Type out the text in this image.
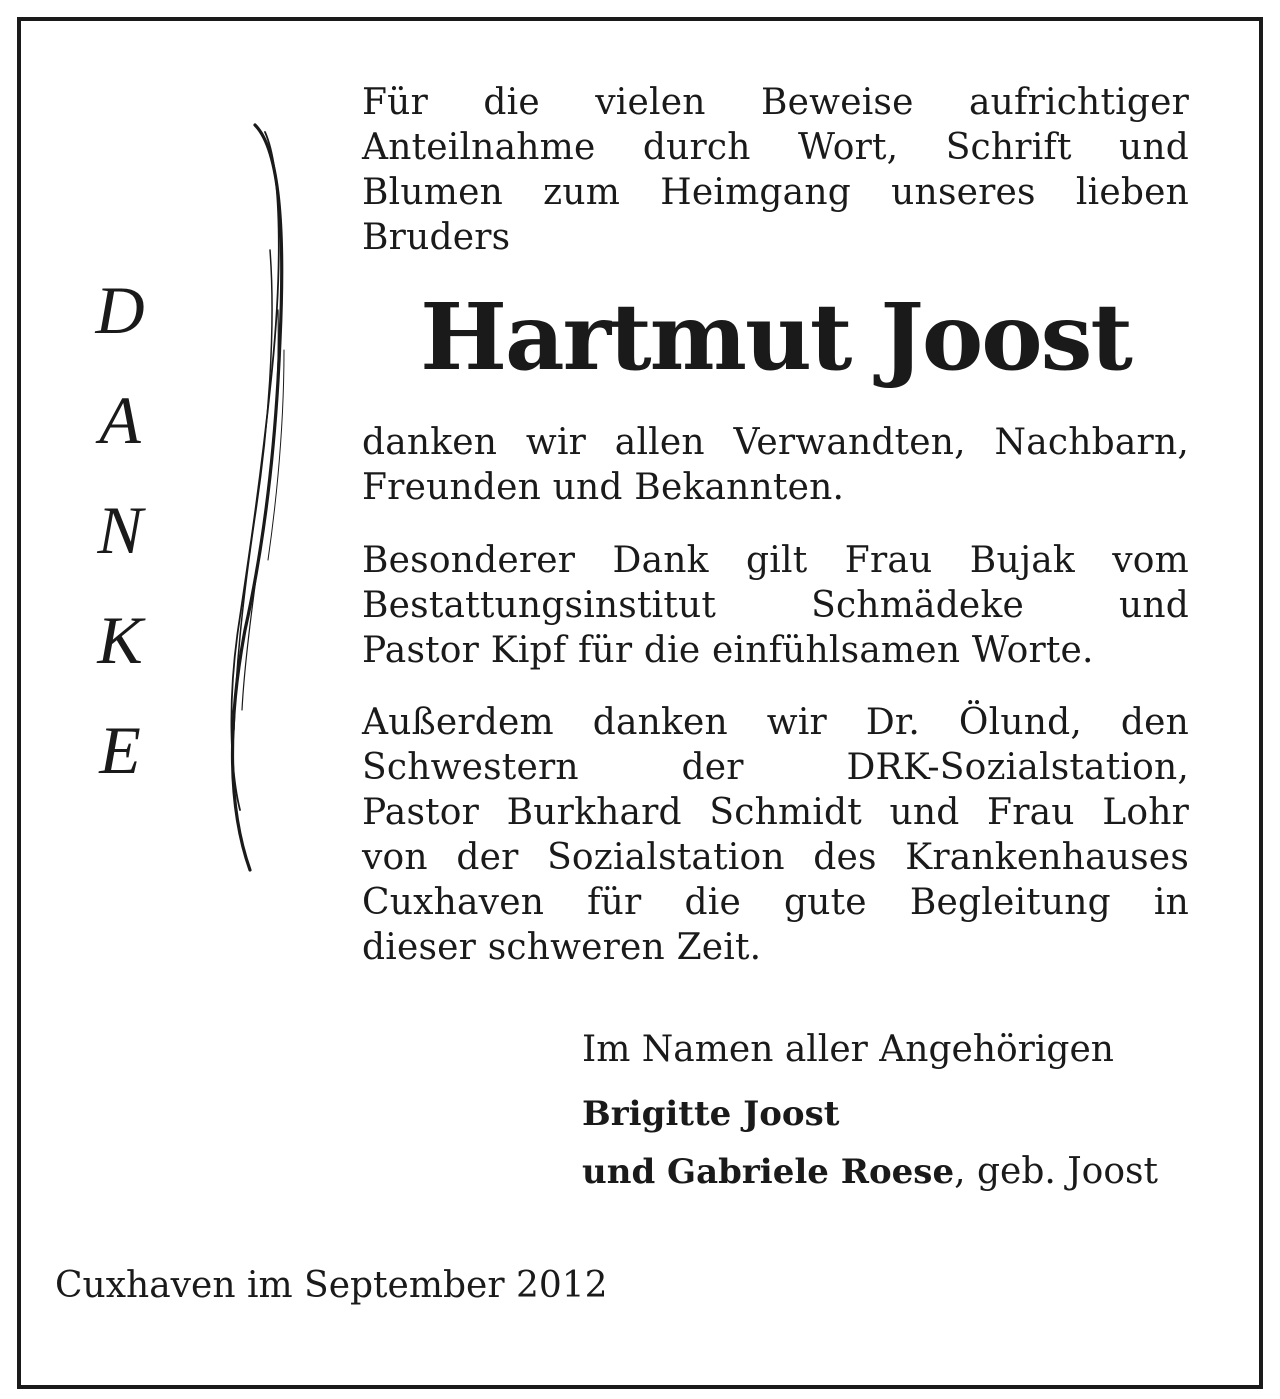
D
A
N
K
E

Für die vielen Beweise aufrichtiger
Anteilnahme durch Wort, Schrift und
Blumen zum Heimgang unseres lieben
Bruders

Hartmut Joost

danken wir allen Verwandten, Nachbarn,
Freunden und Bekannten.

Besonderer Dank gilt Frau Bujak vom
Bestattungsinstitut Schmädeke und
Pastor Kipf für die einfühlsamen Worte.

Außerdem danken wir Dr. Ölund, den
Schwestern der DRK-Sozialstation,
Pastor Burkhard Schmidt und Frau Lohr
von der Sozialstation des Krankenhauses
Cuxhaven für die gute Begleitung in
dieser schweren Zeit.

Im Namen aller Angehörigen

Brigitte Joost

und Gabriele Roese, geb. Joost

Cuxhaven im September 2012
